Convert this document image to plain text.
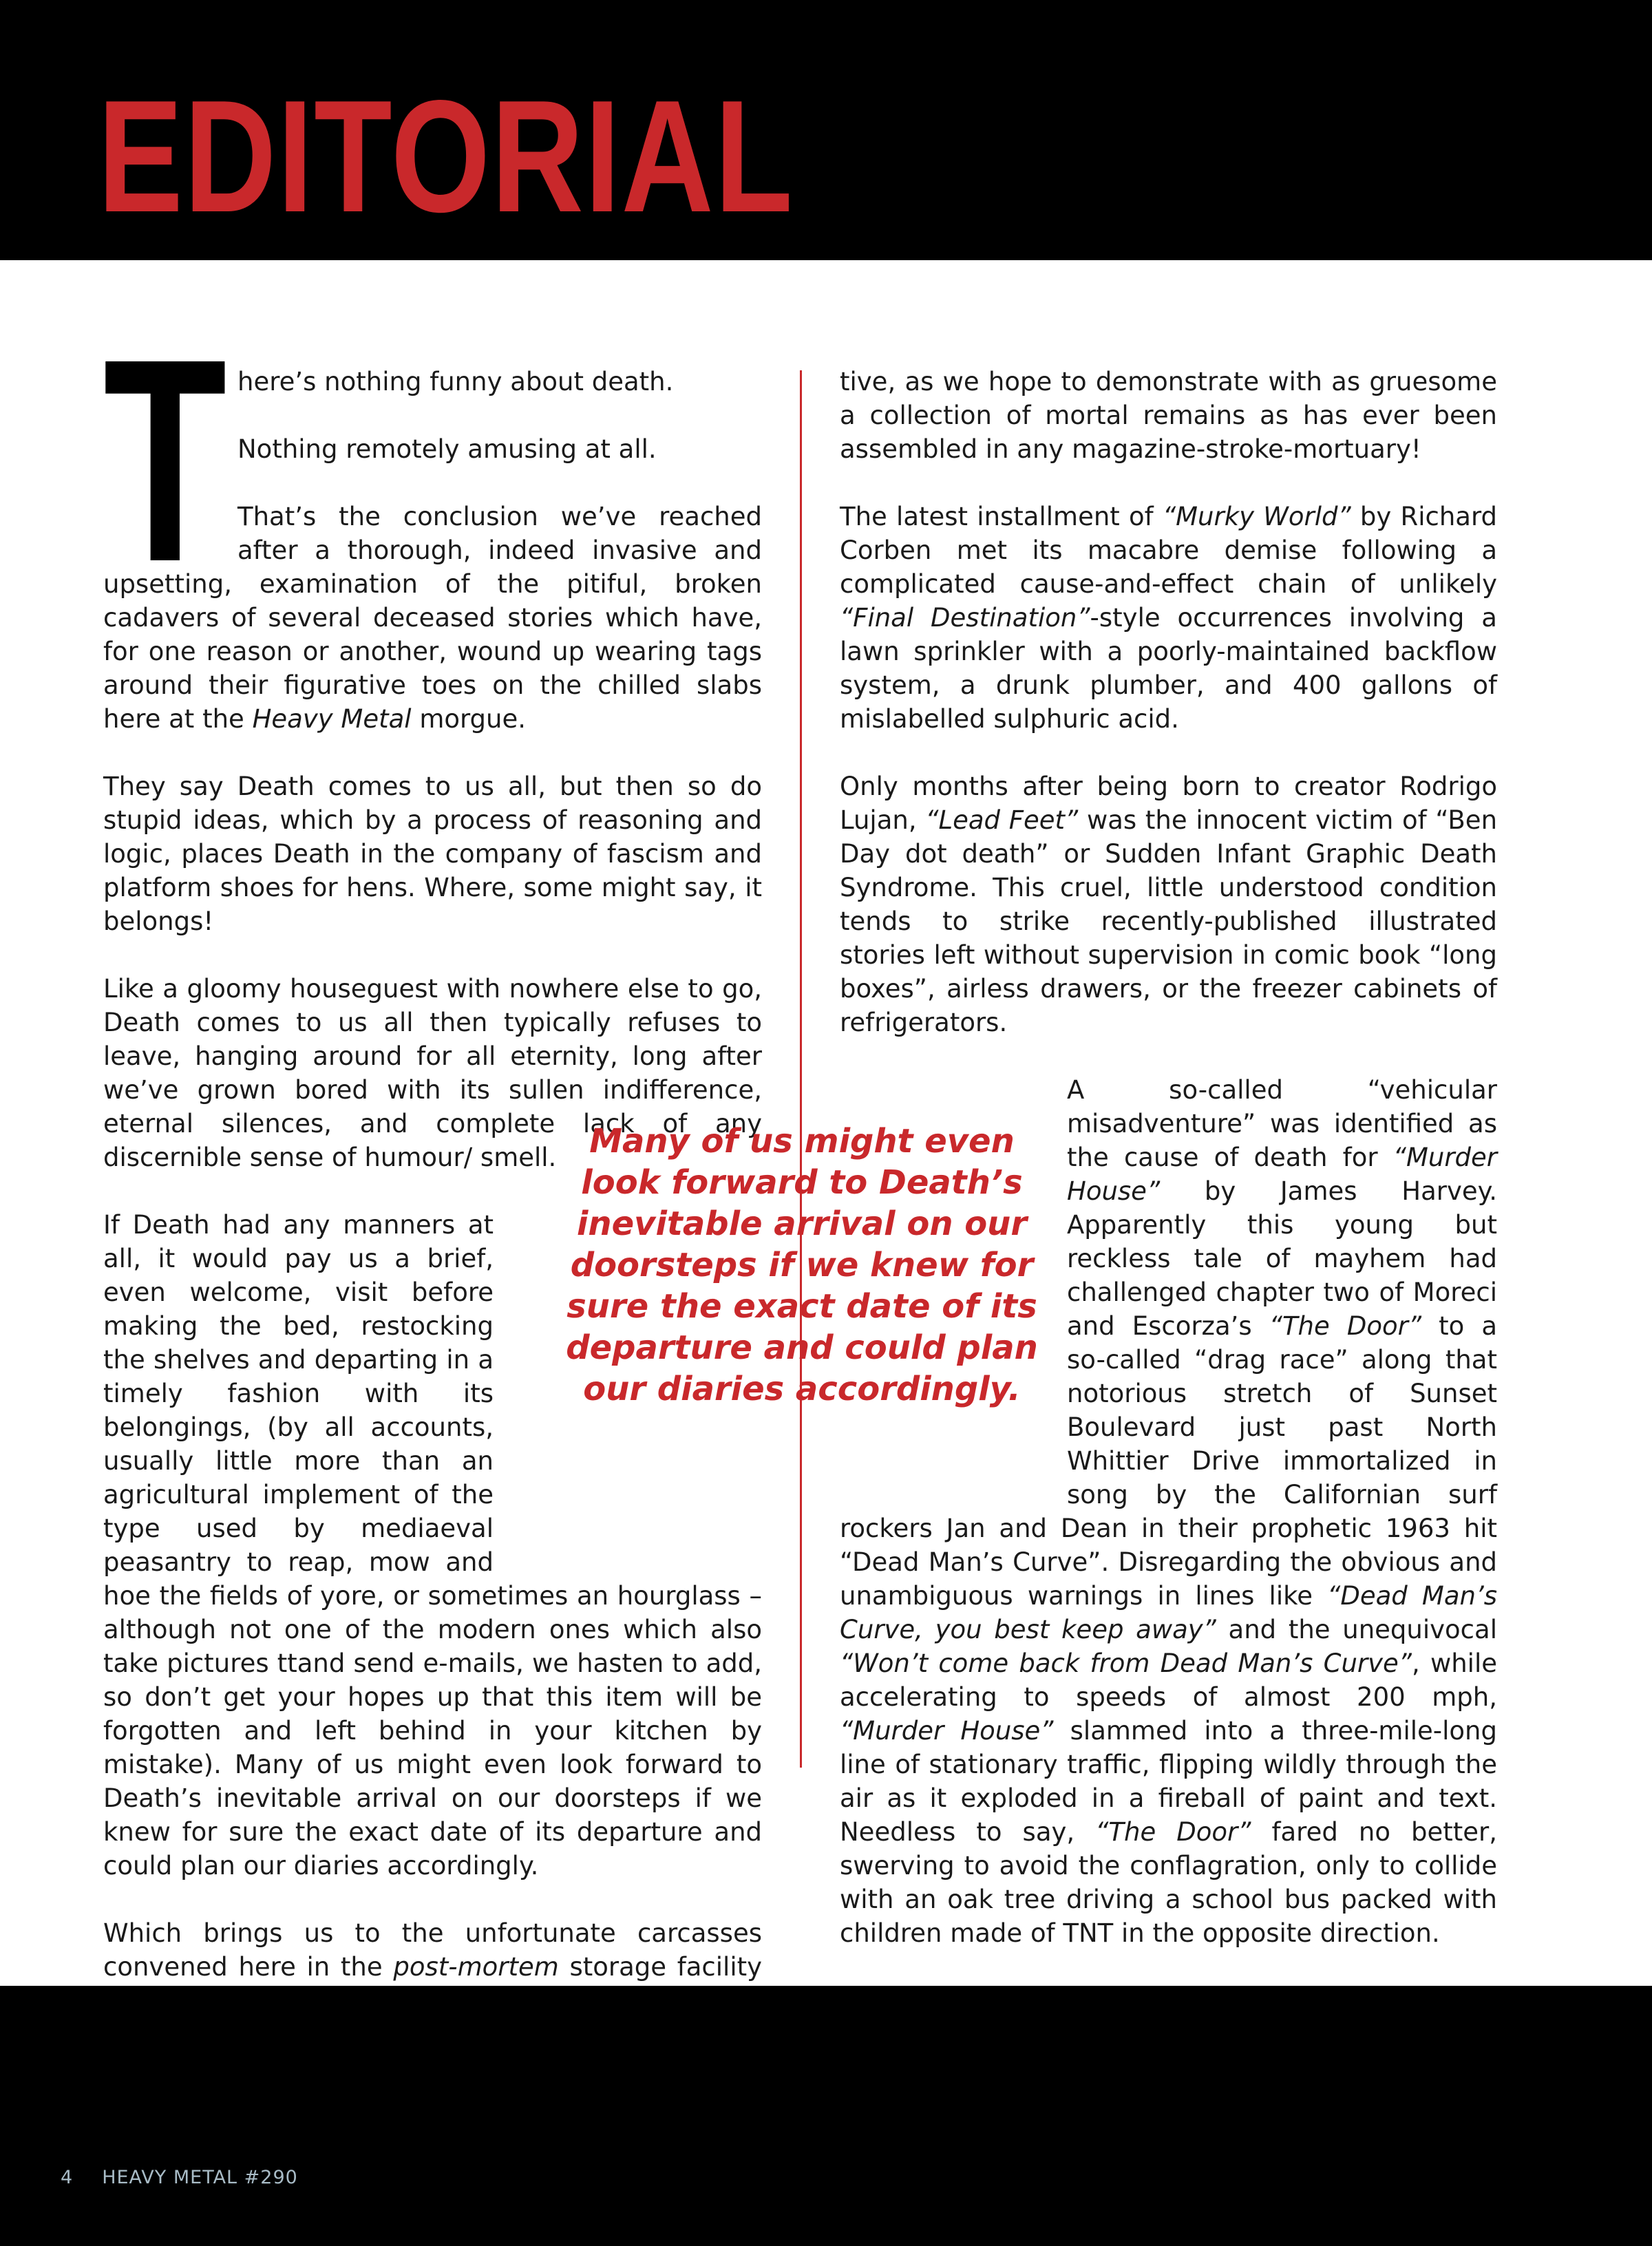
EDITORIAL

T here’s nothing funny about death.

Nothing remotely amusing at all.

That’s the conclusion we’ve reached after a thorough, indeed invasive and upsetting, examination of the pitiful, broken cadavers of several deceased stories which have, for one reason or another, wound up wearing tags around their figurative toes on the chilled slabs here at the Heavy Metal morgue.

They say Death comes to us all, but then so do stupid ideas, which by a process of reasoning and logic, places Death in the company of fascism and platform shoes for hens. Where, some might say, it belongs!

Like a gloomy houseguest with nowhere else to go, Death comes to us all then typically refuses to leave, hanging around for all eternity, long after we’ve grown bored with its sullen indifference, eternal silences, and complete lack of any discernible sense of humour/ smell.

If Death had any manners at all, it would pay us a brief, even welcome, visit before making the bed, restocking the shelves and departing in a timely fashion with its belongings, (by all accounts, usually little more than an agricultural implement of the type used by mediaeval peasantry to reap, mow and hoe the fields of yore, or sometimes an hourglass – although not one of the modern ones which also take pictures ttand send e-mails, we hasten to add, so don’t get your hopes up that this item will be forgotten and left behind in your kitchen by mistake). Many of us might even look forward to Death’s inevitable arrival on our doorsteps if we knew for sure the exact date of its departure and could plan our diaries accordingly.

Which brings us to the unfortunate carcasses convened here in the post-mortem storage facility

tive, as we hope to demonstrate with as gruesome a collection of mortal remains as has ever been assembled in any magazine-stroke-mortuary!

The latest installment of “Murky World” by Richard Corben met its macabre demise following a complicated cause-and-effect chain of unlikely “Final Destination”-style occurrences involving a lawn sprinkler with a poorly-maintained backflow system, a drunk plumber, and 400 gallons of mislabelled sulphuric acid.

Only months after being born to creator Rodrigo Lujan, “Lead Feet” was the innocent victim of “Ben Day dot death” or Sudden Infant Graphic Death Syndrome. This cruel, little understood condition tends to strike recently-published illustrated stories left without supervision in comic book “long boxes”, airless drawers, or the freezer cabinets of refrigerators.

A so-called “vehicular misadventure” was identified as the cause of death for “Murder House” by James Harvey. Apparently this young but reckless tale of mayhem had challenged chapter two of Moreci and Escorza’s “The Door” to a so-called “drag race” along that notorious stretch of Sunset Boulevard just past North Whittier Drive immortalized in song by the Californian surf rockers Jan and Dean in their prophetic 1963 hit “Dead Man’s Curve”. Disregarding the obvious and unambiguous warnings in lines like “Dead Man’s Curve, you best keep away” and the unequivocal “Won’t come back from Dead Man’s Curve”, while accelerating to speeds of almost 200 mph, “Murder House” slammed into a three-mile-long line of stationary traffic, flipping wildly through the air as it exploded in a fireball of paint and text. Needless to say, “The Door” fared no better, swerving to avoid the conflagration, only to collide with an oak tree driving a school bus packed with children made of TNT in the opposite direction.

Many of us might even look forward to Death’s inevitable arrival on our doorsteps if we knew for sure the exact date of its departure and could plan our diaries accordingly.
4 HEAVY METAL #290
